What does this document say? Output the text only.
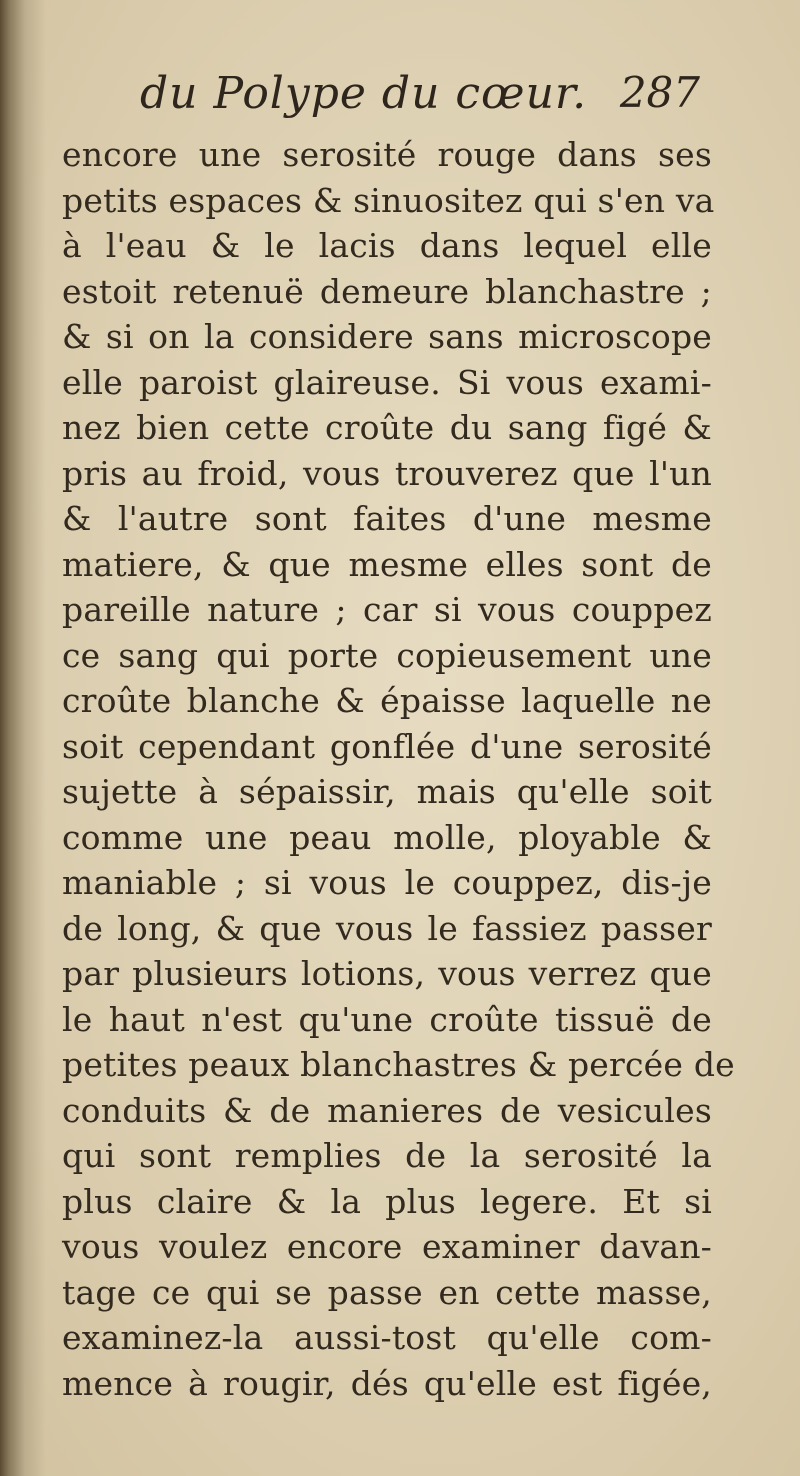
du Polype du cœur. 287
encore une serosité rouge dans ses
petits espaces & sinuositez qui s'en va
à l'eau & le lacis dans lequel elle
estoit retenuë demeure blanchastre ;
& si on la considere sans microscope
elle paroist glaireuse. Si vous exami-
nez bien cette croûte du sang figé &
pris au froid, vous trouverez que l'un
& l'autre sont faites d'une mesme
matiere, & que mesme elles sont de
pareille nature ; car si vous couppez
ce sang qui porte copieusement une
croûte blanche & épaisse laquelle ne
soit cependant gonflée d'une serosité
sujette à sépaissir, mais qu'elle soit
comme une peau molle, ployable &
maniable ; si vous le couppez, dis-je
de long, & que vous le fassiez passer
par plusieurs lotions, vous verrez que
le haut n'est qu'une croûte tissuë de
petites peaux blanchastres & percée de
conduits & de manieres de vesicules
qui sont remplies de la serosité la
plus claire & la plus legere. Et si
vous voulez encore examiner davan-
tage ce qui se passe en cette masse,
examinez-la aussi-tost qu'elle com-
mence à rougir, dés qu'elle est figée,
